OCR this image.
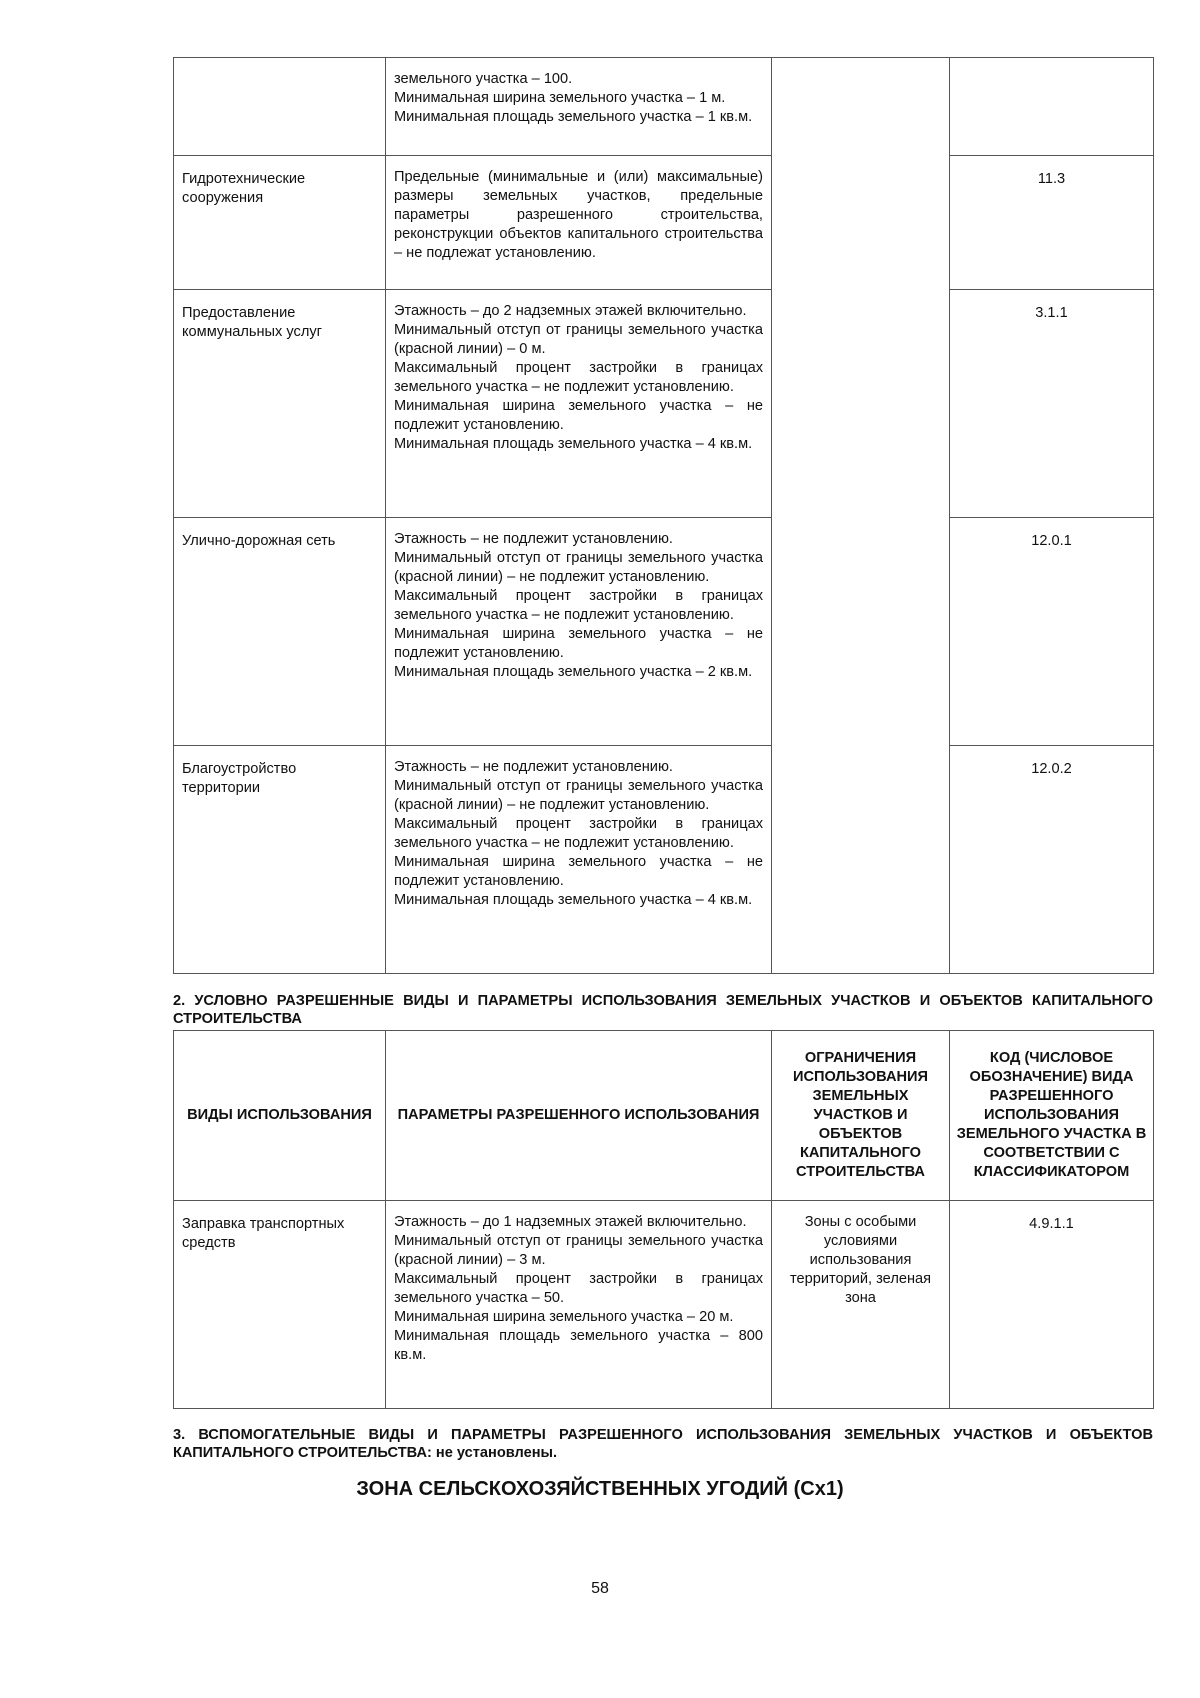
	земельного участка – 100.
Минимальная ширина земельного участка – 1 м.
Минимальная площадь земельного участка – 1 кв.м.		

Гидротехнические сооружения	Предельные (минимальные и (или) максимальные) размеры земельных участков, предельные параметры разрешенного строительства, реконструкции объектов капитального строительства – не подлежат установлению.		11.3
Предоставление коммунальных услуг	Этажность – до 2 надземных этажей включительно.
Минимальный отступ от границы земельного участка (красной линии) – 0 м.
Максимальный процент застройки в границах земельного участка – не подлежит установлению.
Минимальная ширина земельного участка – не подлежит установлению.
Минимальная площадь земельного участка – 4 кв.м.		3.1.1
Улично-дорожная сеть	Этажность – не подлежит установлению.
Минимальный отступ от границы земельного участка (красной линии) – не подлежит установлению.
Максимальный процент застройки в границах земельного участка – не подлежит установлению.
Минимальная ширина земельного участка – не подлежит установлению.
Минимальная площадь земельного участка – 2 кв.м.		12.0.1
Благоустройство территории	Этажность – не подлежит установлению.
Минимальный отступ от границы земельного участка (красной линии) – не подлежит установлению.
Максимальный процент застройки в границах земельного участка – не подлежит установлению.
Минимальная ширина земельного участка – не подлежит установлению.
Минимальная площадь земельного участка – 4 кв.м.		12.0.2
2. УСЛОВНО РАЗРЕШЕННЫЕ ВИДЫ И ПАРАМЕТРЫ ИСПОЛЬЗОВАНИЯ ЗЕМЕЛЬНЫХ УЧАСТКОВ И ОБЪЕКТОВ КАПИТАЛЬНОГО СТРОИТЕЛЬСТВА
ВИДЫ ИСПОЛЬЗОВАНИЯ	ПАРАМЕТРЫ РАЗРЕШЕННОГО ИСПОЛЬЗОВАНИЯ	ОГРАНИЧЕНИЯ ИСПОЛЬЗОВАНИЯ ЗЕМЕЛЬНЫХ УЧАСТКОВ И ОБЪЕКТОВ КАПИТАЛЬНОГО СТРОИТЕЛЬСТВА	КОД (ЧИСЛОВОЕ ОБОЗНАЧЕНИЕ) ВИДА РАЗРЕШЕННОГО ИСПОЛЬЗОВАНИЯ ЗЕМЕЛЬНОГО УЧАСТКА В СООТВЕТСТВИИ С КЛАССИФИКАТОРОМ
Заправка транспортных средств	Этажность – до 1 надземных этажей включительно.
Минимальный отступ от границы земельного участка (красной линии) – 3 м.
Максимальный процент застройки в границах земельного участка – 50.
Минимальная ширина земельного участка – 20 м.
Минимальная площадь земельного участка – 800 кв.м.	Зоны с особыми условиями использования территорий, зеленая зона	4.9.1.1
3. ВСПОМОГАТЕЛЬНЫЕ ВИДЫ И ПАРАМЕТРЫ РАЗРЕШЕННОГО ИСПОЛЬЗОВАНИЯ ЗЕМЕЛЬНЫХ УЧАСТКОВ И ОБЪЕКТОВ КАПИТАЛЬНОГО СТРОИТЕЛЬСТВА: не установлены.
ЗОНА СЕЛЬСКОХОЗЯЙСТВЕННЫХ УГОДИЙ (Сх1)
58
